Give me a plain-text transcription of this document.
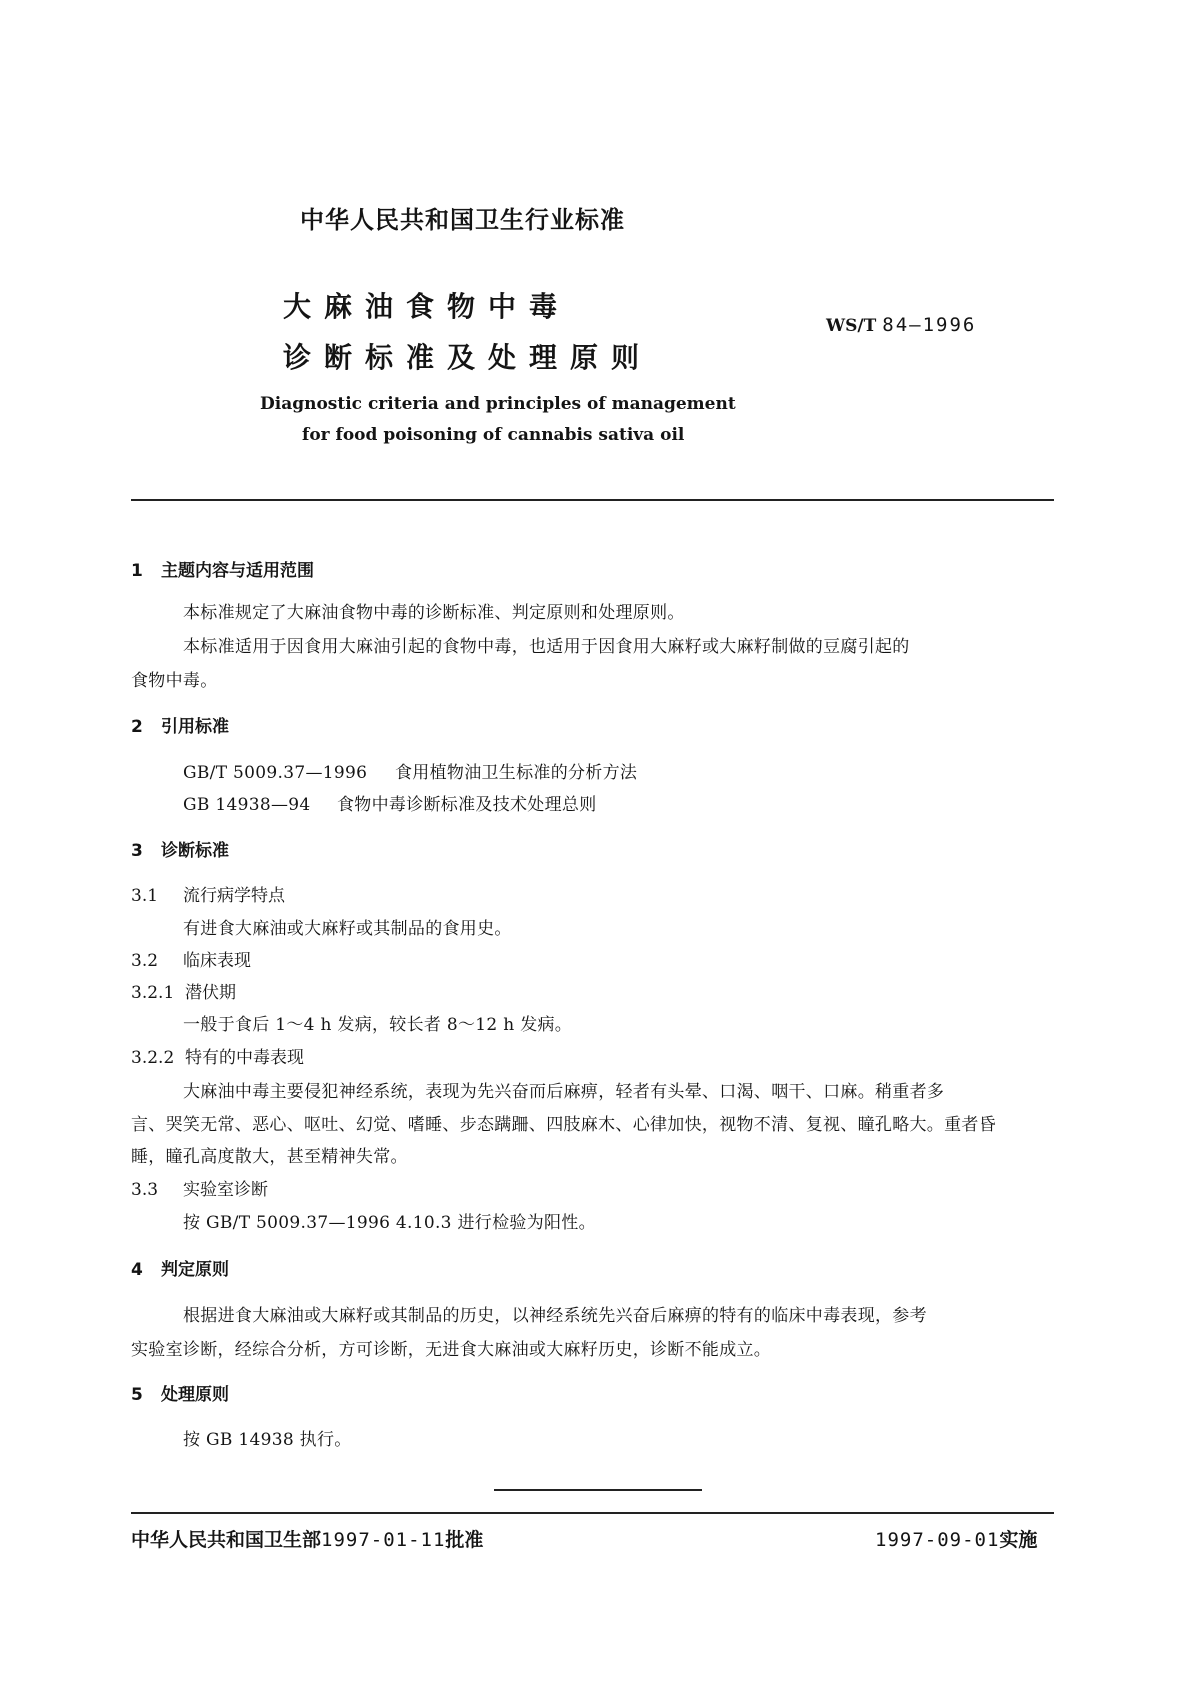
中华人民共和国卫生行业标准
大麻油食物中毒
诊断标准及处理原则
WS/T 84—1996
Diagnostic criteria and principles of management
for food poisoning of cannabis sativa oil
1 主题内容与适用范围
本标准规定了大麻油食物中毒的诊断标准、判定原则和处理原则。
本标准适用于因食用大麻油引起的食物中毒，也适用于因食用大麻籽或大麻籽制做的豆腐引起的
食物中毒。
2 引用标准
GB/T 5009.37—1996 食用植物油卫生标准的分析方法
GB 14938—94 食物中毒诊断标准及技术处理总则
3 诊断标准
3.1 流行病学特点
有进食大麻油或大麻籽或其制品的食用史。
3.2 临床表现
3.2.1 潜伏期
一般于食后 1～4 h 发病，较长者 8～12 h 发病。
3.2.2 特有的中毒表现
大麻油中毒主要侵犯神经系统，表现为先兴奋而后麻痹，轻者有头晕、口渴、咽干、口麻。稍重者多
言、哭笑无常、恶心、呕吐、幻觉、嗜睡、步态蹒跚、四肢麻木、心律加快，视物不清、复视、瞳孔略大。重者昏
睡，瞳孔高度散大，甚至精神失常。
3.3 实验室诊断
按 GB/T 5009.37—1996 4.10.3 进行检验为阳性。
4 判定原则
根据进食大麻油或大麻籽或其制品的历史，以神经系统先兴奋后麻痹的特有的临床中毒表现，参考
实验室诊断，经综合分析，方可诊断，无进食大麻油或大麻籽历史，诊断不能成立。
5 处理原则
按 GB 14938 执行。
中华人民共和国卫生部1997-01-11批准	1997-09-01实施
